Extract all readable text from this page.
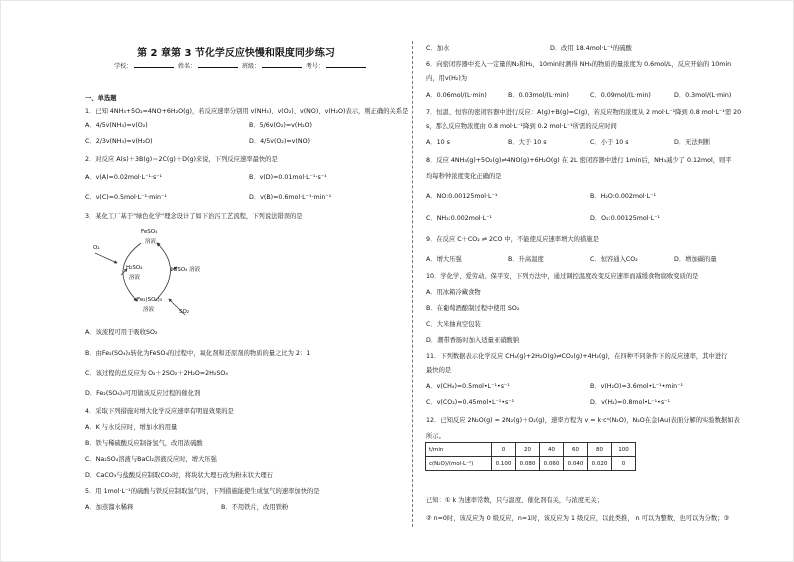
第 2 章第 3 节化学反应快慢和限度同步练习
学校：	姓名：	班级：	考号：
一、单选题
1．已知 4NH₃+5O₂=4NO+6H₂O(g)，若反应速率分别用 v(NH₃)、v(O₂)、v(NO)、v(H₂O)表示，则正确的关系是
A．4/5v(NH₃)=v(O₂)	B．5/6v(O₂)=v(H₂O)
C．2/3v(NH₃)=v(H₂O)	D．4/5v(O₂)=v(NO)
2．对反应 A(s)＋3B(g)＝2C(g)＋D(g)来说，下列反应速率最快的是
A．v(A)=0.02mol·L⁻¹·s⁻¹	B．v(D)=0.01mol·L⁻¹·s⁻¹
C．v(C)=0.5mol·L⁻¹·min⁻¹	D．v(B)=0.6mol·L⁻¹·min⁻¹
3．某化工厂基于"绿色化学"理念设计了如下治污工艺流程，下列说法错误的是
FeSO₄
溶液
O₂
H₂SO₄
溶液
H₂SO₄ 溶液
Fe₂(SO₄)₃
溶液	SO₂
A．该流程可用于吸收SO₂
B．由Fe₂(SO₄)₃转化为FeSO₄的过程中，氧化剂和还原剂的物质的量之比为 2：1
C．该过程的总反应为 O₂＋2SO₂＋2H₂O=2H₂SO₄
D．Fe₂(SO₄)₃可用做该反应过程的催化剂
4．采取下列措施对增大化学反应速率有明显效果的是
A．K 与水反应时，增加水的用量
B．铁与稀硫酸反应制备氢气，改用浓硫酸
C．Na₂SO₄溶液与BaCl₂溶液反应时，增大压强
D．CaCO₃与盐酸反应制取CO₂时，将块状大理石改为粉末状大理石
5．用 1mol·L⁻¹的硫酸与铁反应制取氢气时，下列措施能使生成氢气的速率加快的是
A．加蒸馏水稀释	B．不用铁片，改用铁粉
C．加水	D．改用 18.4mol·L⁻¹的硫酸
6．向密闭容器中充入一定量的N₂和H₂，10min时测得 NH₃的物质的量浓度为 0.6mol/L，反应开始的 10min
内，用v(H₂)为
A．0.06mol/(L·min)	B．0.03mol/(L·min)	C．0.09mol/(L·min)	D．0.3mol/(L·min)
7．恒温、恒容的密闭容器中进行反应：A(g)+B(g)=C(g)，若反应物的浓度从 2 mol·L⁻¹降到 0.8 mol·L⁻¹需 20
s，那么反应物浓度由 0.8 mol·L⁻¹降到 0.2 mol·L⁻¹所需的反应时间
A．10 s	B．大于 10 s	C．小于 10 s	D．无法判断
8．反应 4NH₃(g)+5O₂(g)⇌4NO(g)+6H₂O(g) 在 2L 密闭容器中进行 1min后，NH₃减少了 0.12mol，则平
均每秒钟浓度变化正确的是
A．NO:0.00125mol·L⁻¹	B．H₂O:0.002mol·L⁻¹
C．NH₃:0.002mol·L⁻¹	D．O₂:0.00125mol·L⁻¹
9．在反应 C＋CO₂ ⇌ 2CO 中，不能使反应速率增大的措施是
A．增大压强	B．升高温度	C．恒容通入CO₂	D．增加碳的量
10．学化学、爱劳动、保平安，下列方法中，通过调控温度改变反应速率而减缓食物腐败变质的是
A．用冰箱冷藏食物
B．在葡萄酒酿制过程中使用 SO₂
C．大米抽真空包装
D．潮带香肠时加入适量亚硝酸钠
11．下列数据表示化学反应 CH₄(g)+2H₂O(g)⇌CO₂(g)+4H₂(g)，在四种不同条件下的反应速率，其中进行
最快的是
A．v(CH₄)=0.5mol•L⁻¹•s⁻¹	B．v(H₂O)=3.6mol•L⁻¹•min⁻¹
C．v(CO₂)=0.45mol•L⁻¹•s⁻¹	D．v(H₂)=0.8mol•L⁻¹•s⁻¹
12．已知反应 2N₂O(g) = 2N₂(g)＋O₂(g)，速率方程为 v = k·cⁿ(N₂O)，N₂O在金(Au)表面分解的实验数据如表
所示。
已知：① k 为速率常数，只与温度、催化剂有关，与浓度无关；
② n=0时，该反应为 0 级反应，n=1时，该反应为 1 级反应，以此类推， n 可以为整数，也可以为分数；③
t/min	0	20	40	60	80	100
c(N₂O)/(mol·L⁻¹)	0.100	0.080	0.060	0.040	0.020	0
